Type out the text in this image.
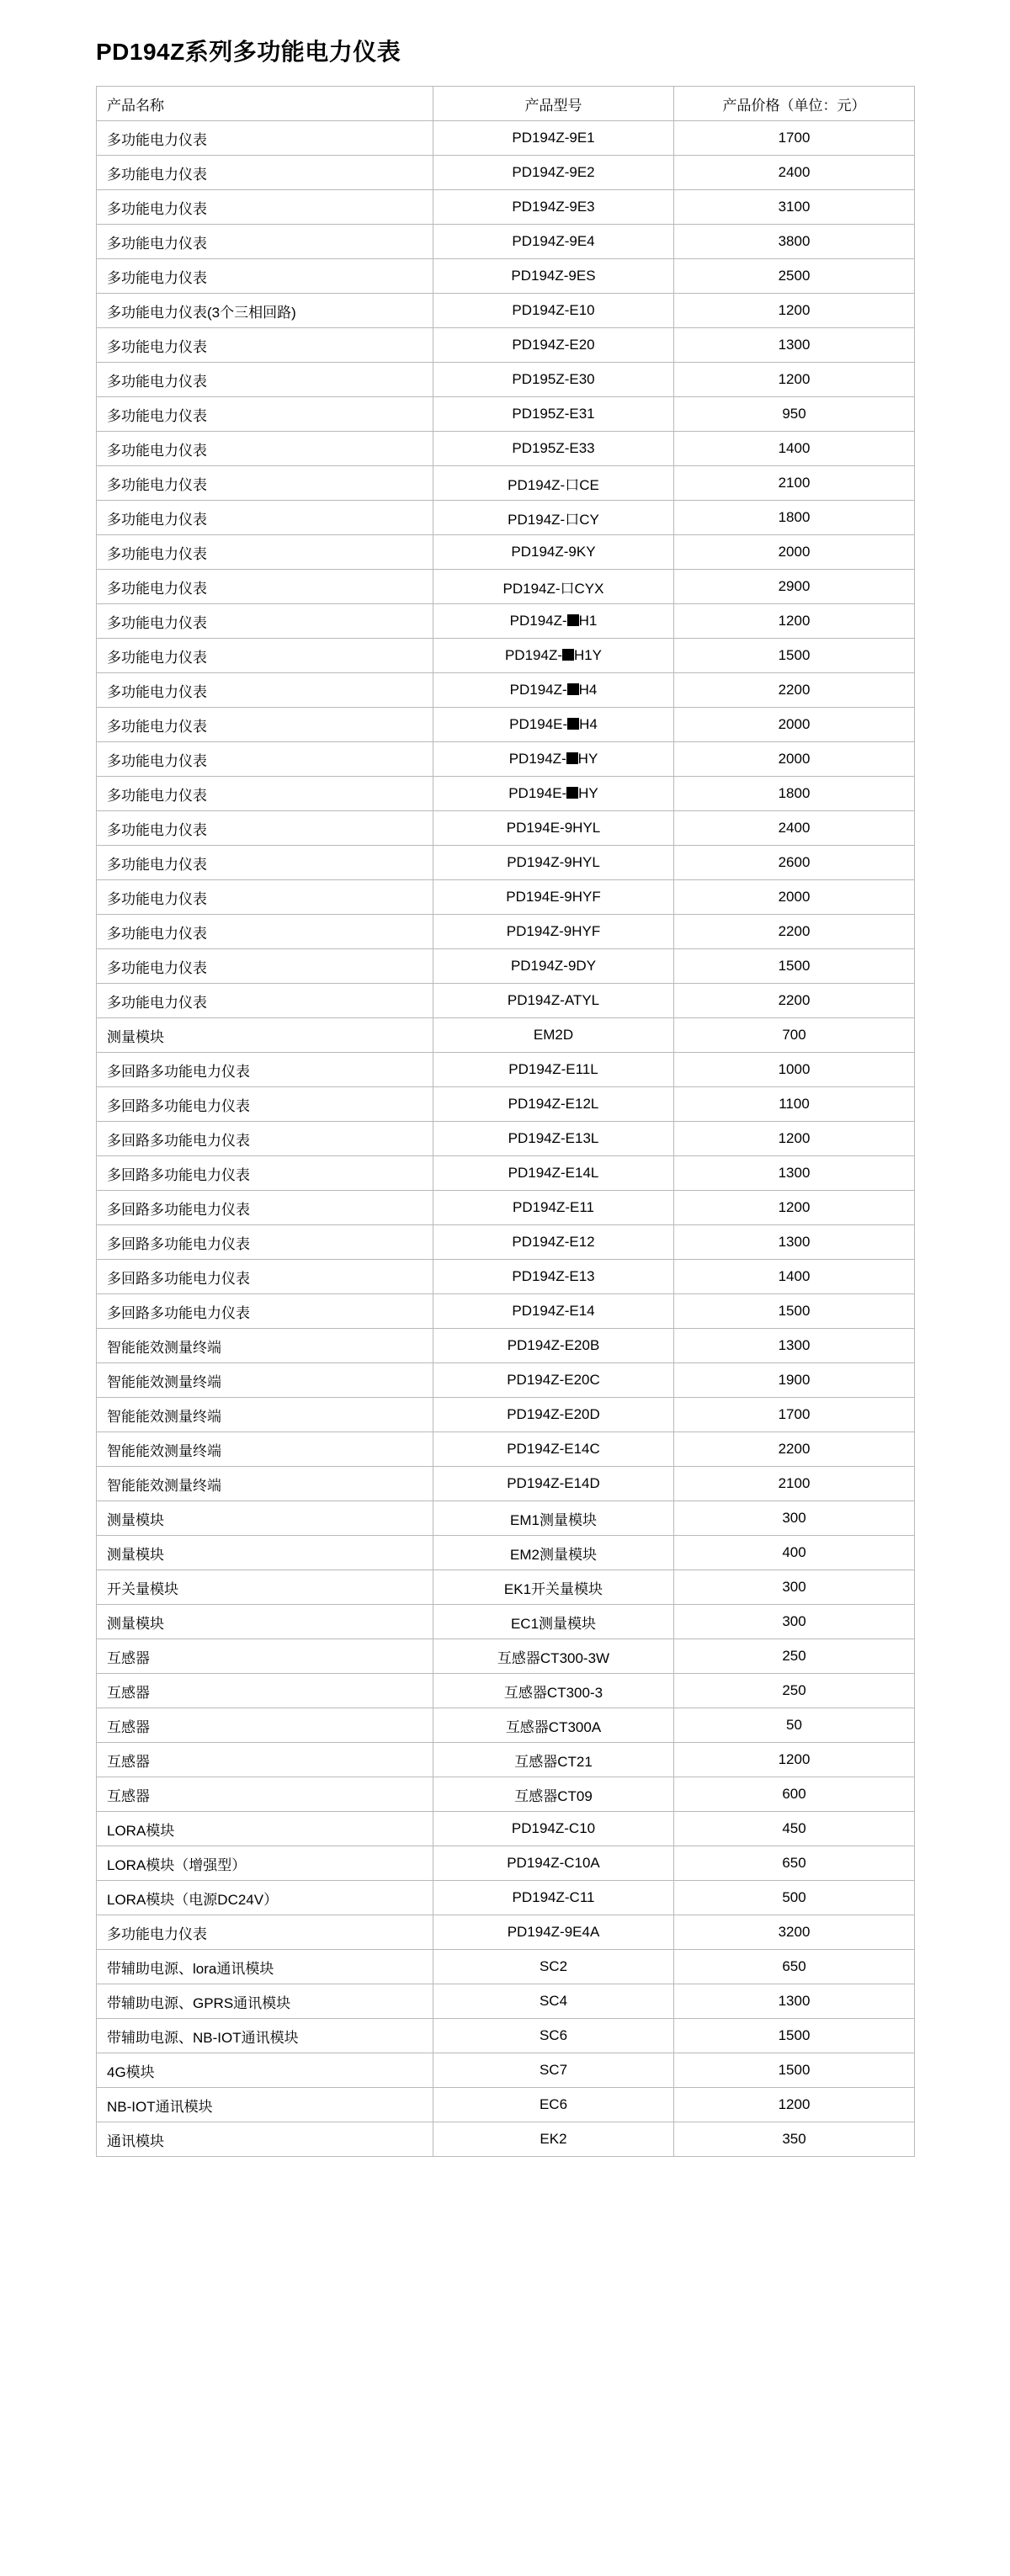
PD194Z系列多功能电力仪表
产品名称	产品型号	产品价格（单位：元）
多功能电力仪表	PD194Z-9E1	1700
多功能电力仪表	PD194Z-9E2	2400
多功能电力仪表	PD194Z-9E3	3100
多功能电力仪表	PD194Z-9E4	3800
多功能电力仪表	PD194Z-9ES	2500
多功能电力仪表(3个三相回路)	PD194Z-E10	1200
多功能电力仪表	PD194Z-E20	1300
多功能电力仪表	PD195Z-E30	1200
多功能电力仪表	PD195Z-E31	950
多功能电力仪表	PD195Z-E33	1400
多功能电力仪表	PD194Z-口CE	2100
多功能电力仪表	PD194Z-口CY	1800
多功能电力仪表	PD194Z-9KY	2000
多功能电力仪表	PD194Z-口CYX	2900
多功能电力仪表	PD194Z- H1	1200
多功能电力仪表	PD194Z- H1Y	1500
多功能电力仪表	PD194Z- H4	2200
多功能电力仪表	PD194E- H4	2000
多功能电力仪表	PD194Z- HY	2000
多功能电力仪表	PD194E- HY	1800
多功能电力仪表	PD194E-9HYL	2400
多功能电力仪表	PD194Z-9HYL	2600
多功能电力仪表	PD194E-9HYF	2000
多功能电力仪表	PD194Z-9HYF	2200
多功能电力仪表	PD194Z-9DY	1500
多功能电力仪表	PD194Z-ATYL	2200
测量模块	EM2D	700
多回路多功能电力仪表	PD194Z-E11L	1000
多回路多功能电力仪表	PD194Z-E12L	1100
多回路多功能电力仪表	PD194Z-E13L	1200
多回路多功能电力仪表	PD194Z-E14L	1300
多回路多功能电力仪表	PD194Z-E11	1200
多回路多功能电力仪表	PD194Z-E12	1300
多回路多功能电力仪表	PD194Z-E13	1400
多回路多功能电力仪表	PD194Z-E14	1500
智能能效测量终端	PD194Z-E20B	1300
智能能效测量终端	PD194Z-E20C	1900
智能能效测量终端	PD194Z-E20D	1700
智能能效测量终端	PD194Z-E14C	2200
智能能效测量终端	PD194Z-E14D	2100
测量模块	EM1测量模块	300
测量模块	EM2测量模块	400
开关量模块	EK1开关量模块	300
测量模块	EC1测量模块	300
互感器	互感器CT300-3W	250
互感器	互感器CT300-3	250
互感器	互感器CT300A	50
互感器	互感器CT21	1200
互感器	互感器CT09	600
LORA模块	PD194Z-C10	450
LORA模块（增强型）	PD194Z-C10A	650
LORA模块（电源DC24V）	PD194Z-C11	500
多功能电力仪表	PD194Z-9E4A	3200
带辅助电源、lora通讯模块	SC2	650
带辅助电源、GPRS通讯模块	SC4	1300
带辅助电源、NB-IOT通讯模块	SC6	1500
4G模块	SC7	1500
NB-IOT通讯模块	EC6	1200
通讯模块	EK2	350
